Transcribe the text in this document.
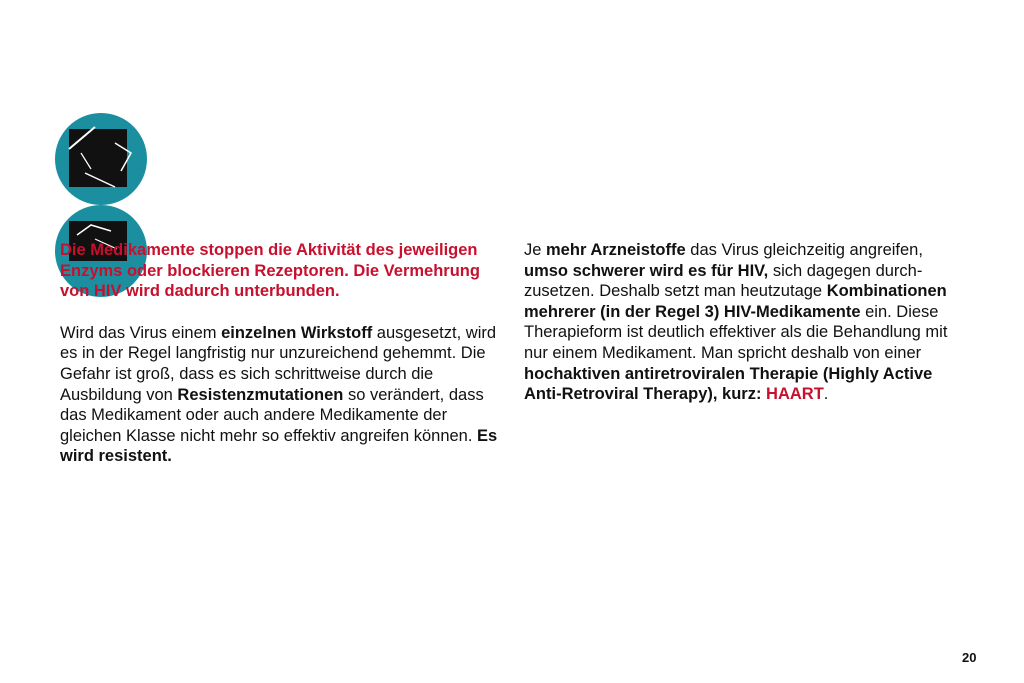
Die Medikamente stoppen die Aktivität des jeweiligen Enzyms oder blockieren Rezeptoren. Die Vermehrung von HIV wird dadurch unterbunden.

Wird das Virus einem einzelnen Wirkstoff ausgesetzt, wird es in der Regel langfristig nur unzureichend gehemmt. Die Gefahr ist groß, dass es sich schrittweise durch die Ausbildung von Resistenzmutationen so verändert, dass das Medikament oder auch andere Medikamente der gleichen Klasse nicht mehr so effektiv angreifen können. Es wird resistent.

Je mehr Arzneistoffe das Virus gleichzeitig angreifen, umso schwerer wird es für HIV, sich dagegen durchzusetzen. Deshalb setzt man heutzutage Kombinationen mehrerer (in der Regel 3) HIV-Medikamente ein. Diese Therapieform ist deutlich effektiver als die Behandlung mit nur einem Medikament. Man spricht deshalb von einer hochaktiven antiretroviralen Therapie (Highly Active Anti-Retroviral Therapy), kurz: HAART.

20
